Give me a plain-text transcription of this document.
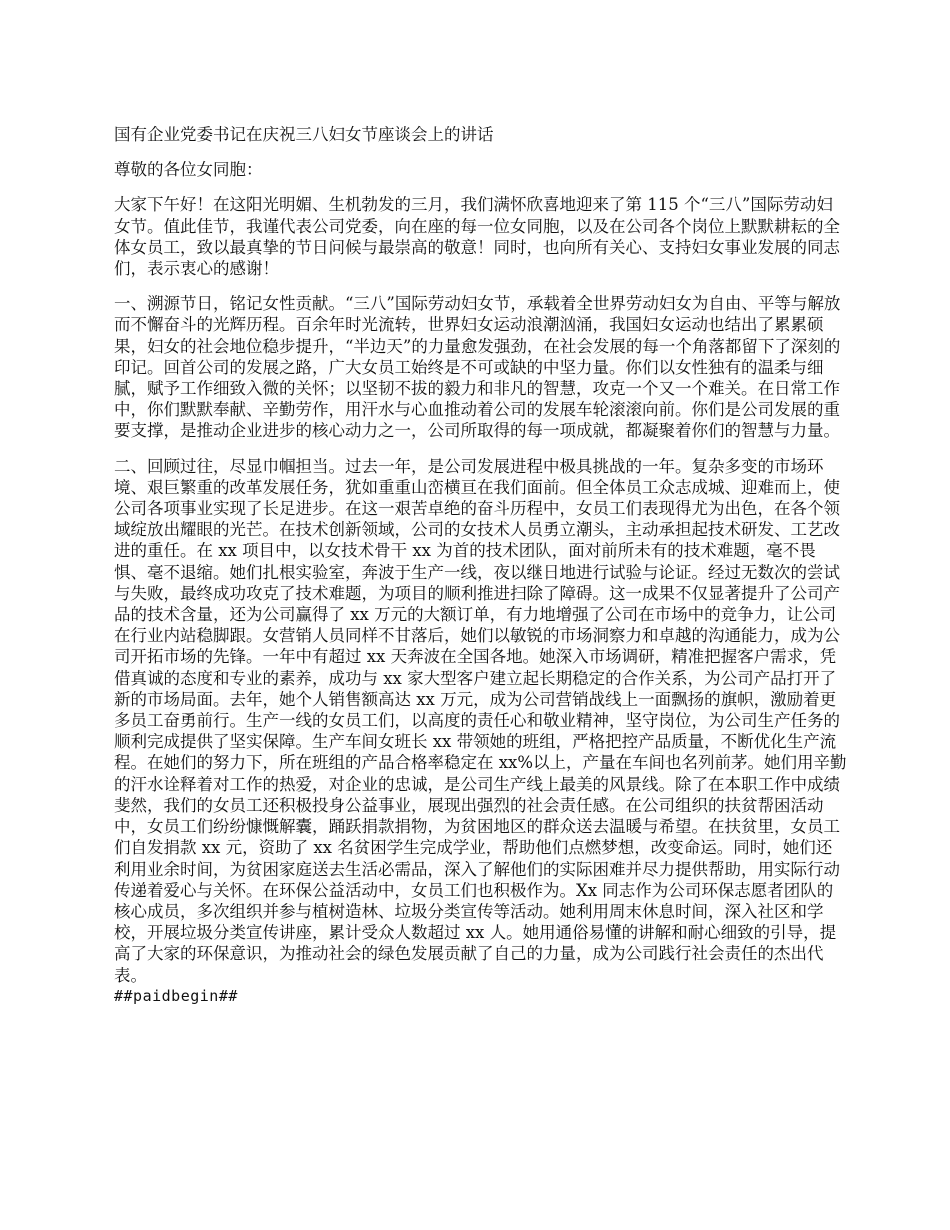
国有企业党委书记在庆祝三八妇女节座谈会上的讲话

尊敬的各位女同胞：

大家下午好！在这阳光明媚、生机勃发的三月，我们满怀欣喜地迎来了第 115 个“三八”国际劳动妇女节。值此佳节，我谨代表公司党委，向在座的每一位女同胞，以及在公司各个岗位上默默耕耘的全体女员工，致以最真挚的节日问候与最崇高的敬意！同时，也向所有关心、支持妇女事业发展的同志们，表示衷心的感谢！

一、溯源节日，铭记女性贡献。“三八”国际劳动妇女节，承载着全世界劳动妇女为自由、平等与解放而不懈奋斗的光辉历程。百余年时光流转，世界妇女运动浪潮汹涌，我国妇女运动也结出了累累硕果，妇女的社会地位稳步提升，“半边天”的力量愈发强劲，在社会发展的每一个角落都留下了深刻的印记。回首公司的发展之路，广大女员工始终是不可或缺的中坚力量。你们以女性独有的温柔与细腻，赋予工作细致入微的关怀；以坚韧不拔的毅力和非凡的智慧，攻克一个又一个难关。在日常工作中，你们默默奉献、辛勤劳作，用汗水与心血推动着公司的发展车轮滚滚向前。你们是公司发展的重要支撑，是推动企业进步的核心动力之一，公司所取得的每一项成就，都凝聚着你们的智慧与力量。

二、回顾过往，尽显巾帼担当。过去一年，是公司发展进程中极具挑战的一年。复杂多变的市场环境、艰巨繁重的改革发展任务，犹如重重山峦横亘在我们面前。但全体员工众志成城、迎难而上，使公司各项事业实现了长足进步。在这一艰苦卓绝的奋斗历程中，女员工们表现得尤为出色，在各个领域绽放出耀眼的光芒。在技术创新领域，公司的女技术人员勇立潮头，主动承担起技术研发、工艺改进的重任。在 xx 项目中，以女技术骨干 xx 为首的技术团队，面对前所未有的技术难题，毫不畏惧、毫不退缩。她们扎根实验室，奔波于生产一线，夜以继日地进行试验与论证。经过无数次的尝试与失败，最终成功攻克了技术难题，为项目的顺利推进扫除了障碍。这一成果不仅显著提升了公司产品的技术含量，还为公司赢得了 xx 万元的大额订单，有力地增强了公司在市场中的竞争力，让公司在行业内站稳脚跟。女营销人员同样不甘落后，她们以敏锐的市场洞察力和卓越的沟通能力，成为公司开拓市场的先锋。一年中有超过 xx 天奔波在全国各地。她深入市场调研，精准把握客户需求，凭借真诚的态度和专业的素养，成功与 xx 家大型客户建立起长期稳定的合作关系，为公司产品打开了新的市场局面。去年，她个人销售额高达 xx 万元，成为公司营销战线上一面飘扬的旗帜，激励着更多员工奋勇前行。生产一线的女员工们，以高度的责任心和敬业精神，坚守岗位，为公司生产任务的顺利完成提供了坚实保障。生产车间女班长 xx 带领她的班组，严格把控产品质量，不断优化生产流程。在她们的努力下，所在班组的产品合格率稳定在 xx%以上，产量在车间也名列前茅。她们用辛勤的汗水诠释着对工作的热爱，对企业的忠诚，是公司生产线上最美的风景线。除了在本职工作中成绩斐然，我们的女员工还积极投身公益事业，展现出强烈的社会责任感。在公司组织的扶贫帮困活动中，女员工们纷纷慷慨解囊，踊跃捐款捐物，为贫困地区的群众送去温暖与希望。在扶贫里，女员工们自发捐款 xx 元，资助了 xx 名贫困学生完成学业，帮助他们点燃梦想，改变命运。同时，她们还利用业余时间，为贫困家庭送去生活必需品，深入了解他们的实际困难并尽力提供帮助，用实际行动传递着爱心与关怀。在环保公益活动中，女员工们也积极作为。Xx 同志作为公司环保志愿者团队的核心成员，多次组织并参与植树造林、垃圾分类宣传等活动。她利用周末休息时间，深入社区和学校，开展垃圾分类宣传讲座，累计受众人数超过 xx 人。她用通俗易懂的讲解和耐心细致的引导，提高了大家的环保意识，为推动社会的绿色发展贡献了自己的力量，成为公司践行社会责任的杰出代表。

##paidbegin##
